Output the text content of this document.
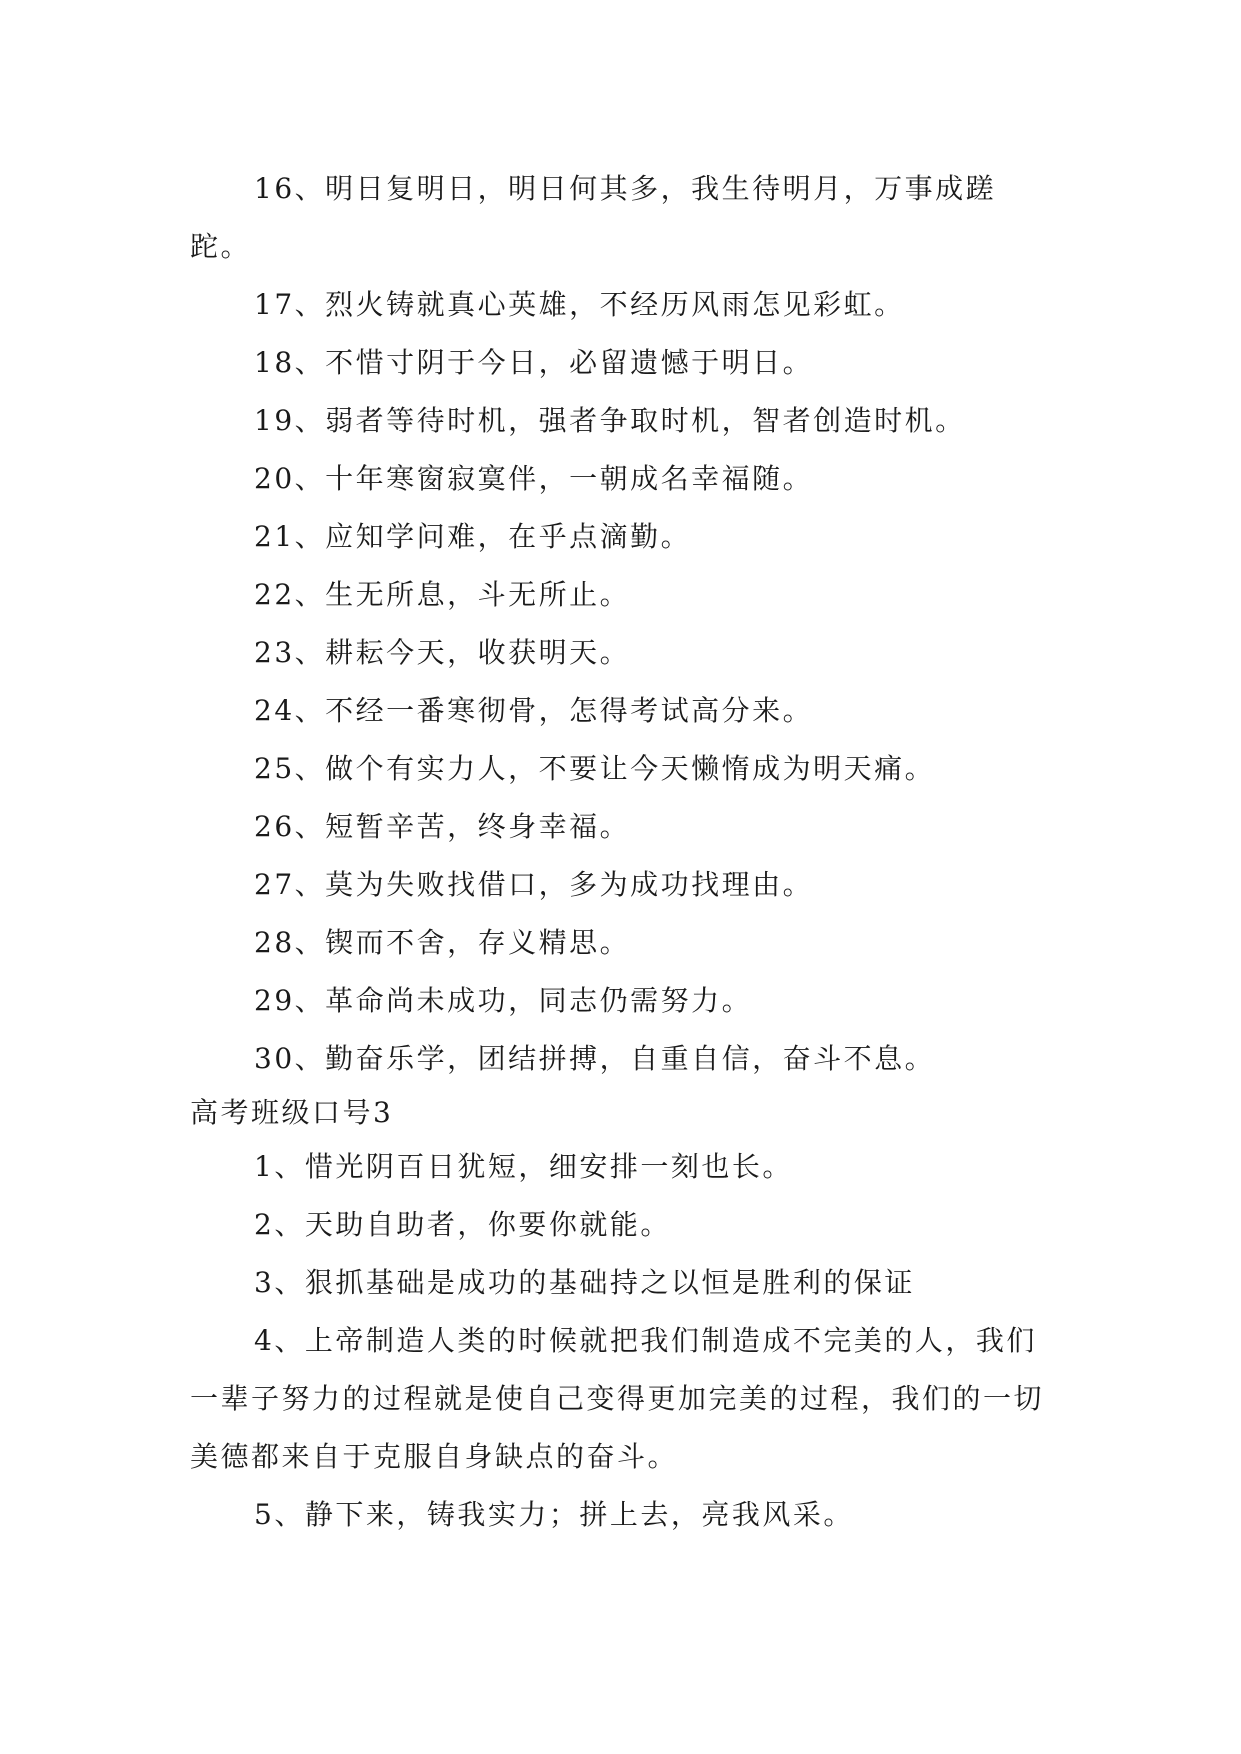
16、明日复明日，明日何其多，我生待明月，万事成蹉跎。

17、烈火铸就真心英雄，不经历风雨怎见彩虹。

18、不惜寸阴于今日，必留遗憾于明日。

19、弱者等待时机，强者争取时机，智者创造时机。

20、十年寒窗寂寞伴，一朝成名幸福随。

21、应知学问难，在乎点滴勤。

22、生无所息，斗无所止。

23、耕耘今天，收获明天。

24、不经一番寒彻骨，怎得考试高分来。

25、做个有实力人，不要让今天懒惰成为明天痛。

26、短暂辛苦，终身幸福。

27、莫为失败找借口，多为成功找理由。

28、锲而不舍，存义精思。

29、革命尚未成功，同志仍需努力。

30、勤奋乐学，团结拼搏，自重自信，奋斗不息。

高考班级口号3

1、惜光阴百日犹短，细安排一刻也长。

2、天助自助者，你要你就能。

3、狠抓基础是成功的基础持之以恒是胜利的保证

4、上帝制造人类的时候就把我们制造成不完美的人，我们一辈子努力的过程就是使自己变得更加完美的过程，我们的一切美德都来自于克服自身缺点的奋斗。

5、静下来，铸我实力；拼上去，亮我风采。
